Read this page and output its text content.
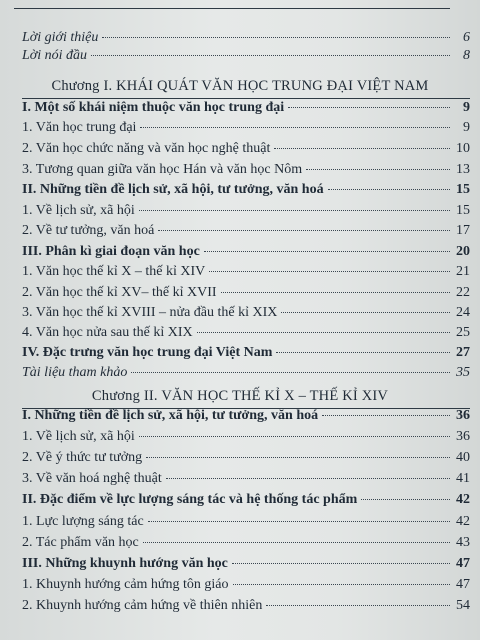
Lời giới thiệu	6
Lời nói đầu	8
Chương I. KHÁI QUÁT VĂN HỌC TRUNG ĐẠI VIỆT NAM
I. Một số khái niệm thuộc văn học trung đại	9
1. Văn học trung đại	9
2. Văn học chức năng và văn học nghệ thuật	10
3. Tương quan giữa văn học Hán và văn học Nôm	13
II. Những tiền đề lịch sử, xã hội, tư tưởng, văn hoá	15
1. Về lịch sử, xã hội	15
2. Về tư tưởng, văn hoá	17
III. Phân kì giai đoạn văn học	20
1. Văn học thế kỉ X – thế kỉ XIV	21
2. Văn học thế kỉ XV– thế kỉ XVII	22
3. Văn học thế kỉ XVIII – nửa đầu thế kỉ XIX	24
4. Văn học nửa sau thế kỉ XIX	25
IV. Đặc trưng văn học trung đại Việt Nam	27
Tài liệu tham khảo	35
Chương II. VĂN HỌC THẾ KỈ X – THẾ KỈ XIV
I. Những tiền đề lịch sử, xã hội, tư tưởng, văn hoá	36
1. Về lịch sử, xã hội	36
2. Về ý thức tư tưởng	40
3. Về văn hoá nghệ thuật	41
II. Đặc điểm về lực lượng sáng tác và hệ thống tác phẩm	42
1. Lực lượng sáng tác	42
2. Tác phẩm văn học	43
III. Những khuynh hướng văn học	47
1. Khuynh hướng cảm hứng tôn giáo	47
2. Khuynh hướng cảm hứng về thiên nhiên	54
